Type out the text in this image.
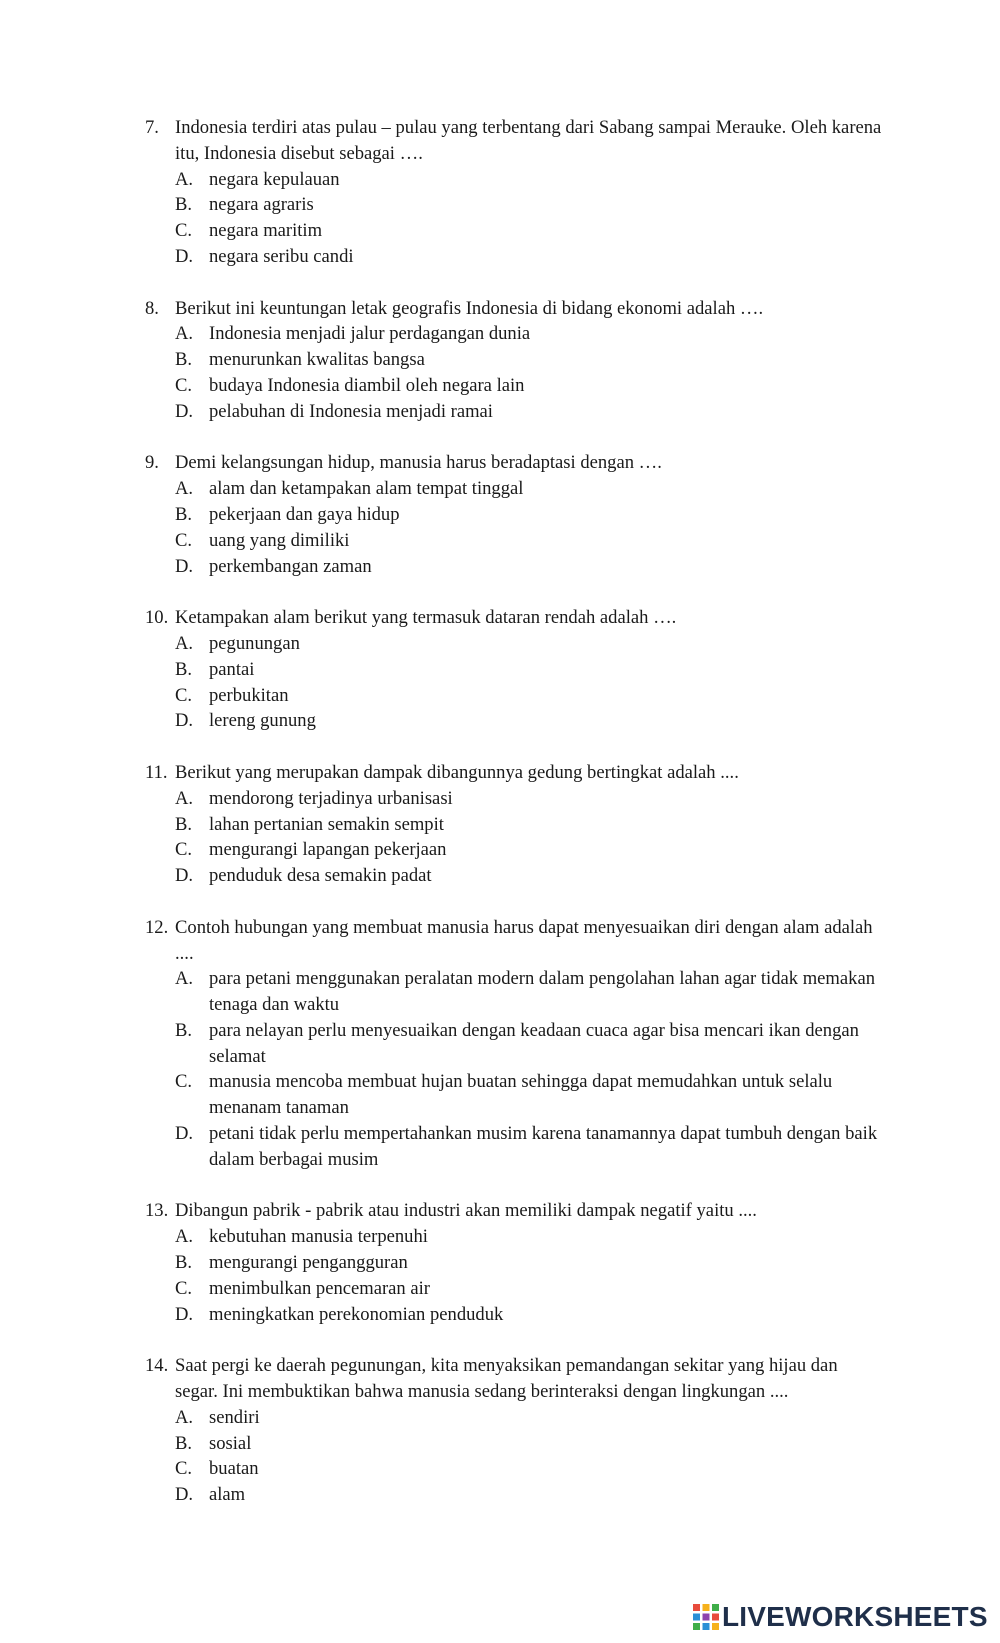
7. Indonesia terdiri atas pulau – pulau yang terbentang dari Sabang sampai Merauke. Oleh karena itu, Indonesia disebut sebagai ….
A. negara kepulauan
B. negara agraris
C. negara maritim
D. negara seribu candi
8. Berikut ini keuntungan letak geografis Indonesia di bidang ekonomi adalah ….
A. Indonesia menjadi jalur perdagangan dunia
B. menurunkan kwalitas bangsa
C. budaya Indonesia diambil oleh negara lain
D. pelabuhan di Indonesia menjadi ramai
9. Demi kelangsungan hidup, manusia harus beradaptasi dengan ….
A. alam dan ketampakan alam tempat tinggal
B. pekerjaan dan gaya hidup
C. uang yang dimiliki
D. perkembangan zaman
10. Ketampakan alam berikut yang termasuk dataran rendah adalah ….
A. pegunungan
B. pantai
C. perbukitan
D. lereng gunung
11. Berikut yang merupakan dampak dibangunnya gedung bertingkat adalah ....
A. mendorong terjadinya urbanisasi
B. lahan pertanian semakin sempit
C. mengurangi lapangan pekerjaan
D. penduduk desa semakin padat
12. Contoh hubungan yang membuat manusia harus dapat menyesuaikan diri dengan alam adalah ....
A. para petani menggunakan peralatan modern dalam pengolahan lahan agar tidak memakan tenaga dan waktu
B. para nelayan perlu menyesuaikan dengan keadaan cuaca agar bisa mencari ikan dengan selamat
C. manusia mencoba membuat hujan buatan sehingga dapat memudahkan untuk selalu menanam tanaman
D. petani tidak perlu mempertahankan musim karena tanamannya dapat tumbuh dengan baik dalam berbagai musim
13. Dibangun pabrik - pabrik atau industri akan memiliki dampak negatif yaitu ....
A. kebutuhan manusia terpenuhi
B. mengurangi pengangguran
C. menimbulkan pencemaran air
D. meningkatkan perekonomian penduduk
14. Saat pergi ke daerah pegunungan, kita menyaksikan pemandangan sekitar yang hijau dan segar. Ini membuktikan bahwa manusia sedang berinteraksi dengan lingkungan ....
A. sendiri
B. sosial
C. buatan
D. alam
LIVEWORKSHEETS
